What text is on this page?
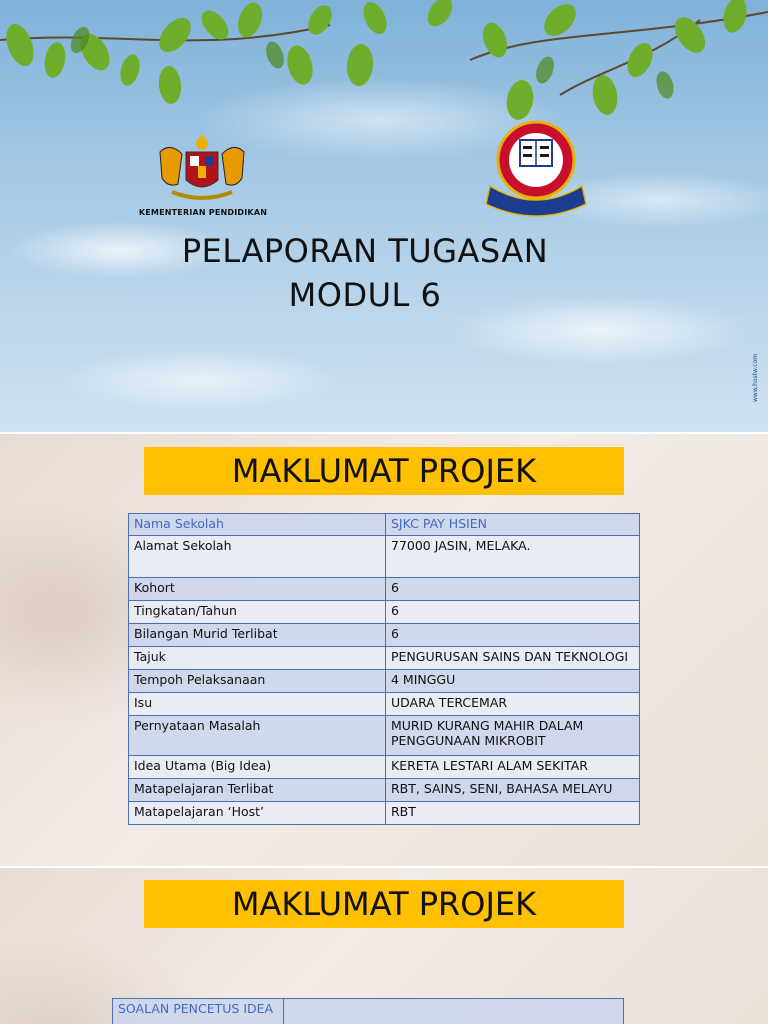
KEMENTERIAN PENDIDIKAN
PELAPORAN TUGASAN
MODUL 6
www.hostw.com
MAKLUMAT PROJEK
Nama Sekolah	SJKC PAY HSIEN
Alamat Sekolah	77000 JASIN, MELAKA.
Kohort	6
Tingkatan/Tahun	6
Bilangan Murid Terlibat	6
Tajuk	PENGURUSAN SAINS DAN TEKNOLOGI
Tempoh Pelaksanaan	4 MINGGU
Isu	UDARA TERCEMAR
Pernyataan Masalah	MURID KURANG MAHIR DALAM PENGGUNAAN MIKROBIT
Idea Utama (Big Idea)	KERETA LESTARI ALAM SEKITAR
Matapelajaran Terlibat	RBT, SAINS, SENI, BAHASA MELAYU
Matapelajaran ‘Host’	RBT
MAKLUMAT PROJEK
SOALAN PENCETUS IDEA	
